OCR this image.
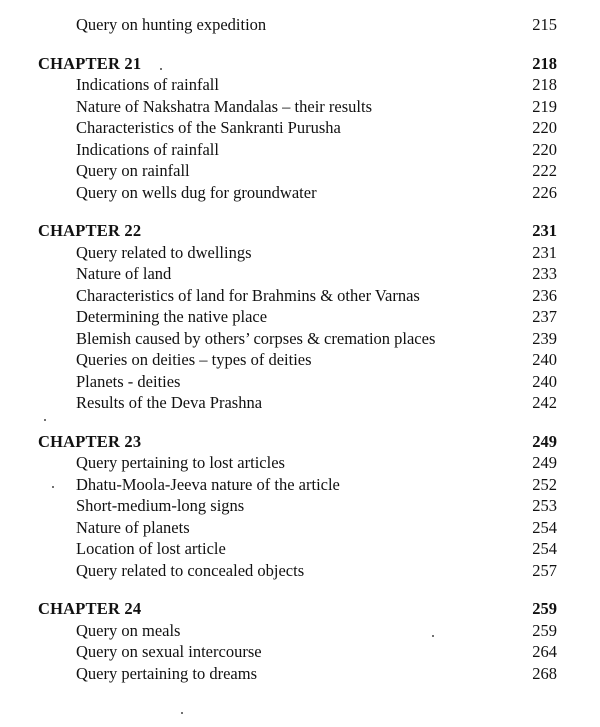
Query on hunting expedition	215
CHAPTER 21	218
Indications of rainfall	218
Nature of Nakshatra Mandalas – their results	219
Characteristics of the Sankranti Purusha	220
Indications of rainfall	220
Query on rainfall	222
Query on wells dug for groundwater	226
CHAPTER 22	231
Query related to dwellings	231
Nature of land	233
Characteristics of land for Brahmins & other Varnas	236
Determining the native place	237
Blemish caused by others’ corpses & cremation places	239
Queries on deities – types of deities	240
Planets - deities	240
Results of the Deva Prashna	242
CHAPTER 23	249
Query pertaining to lost articles	249
Dhatu-Moola-Jeeva nature of the article	252
Short-medium-long signs	253
Nature of planets	254
Location of lost article	254
Query related to concealed objects	257
CHAPTER 24	259
Query on meals	259
Query on sexual intercourse	264
Query pertaining to dreams	268
